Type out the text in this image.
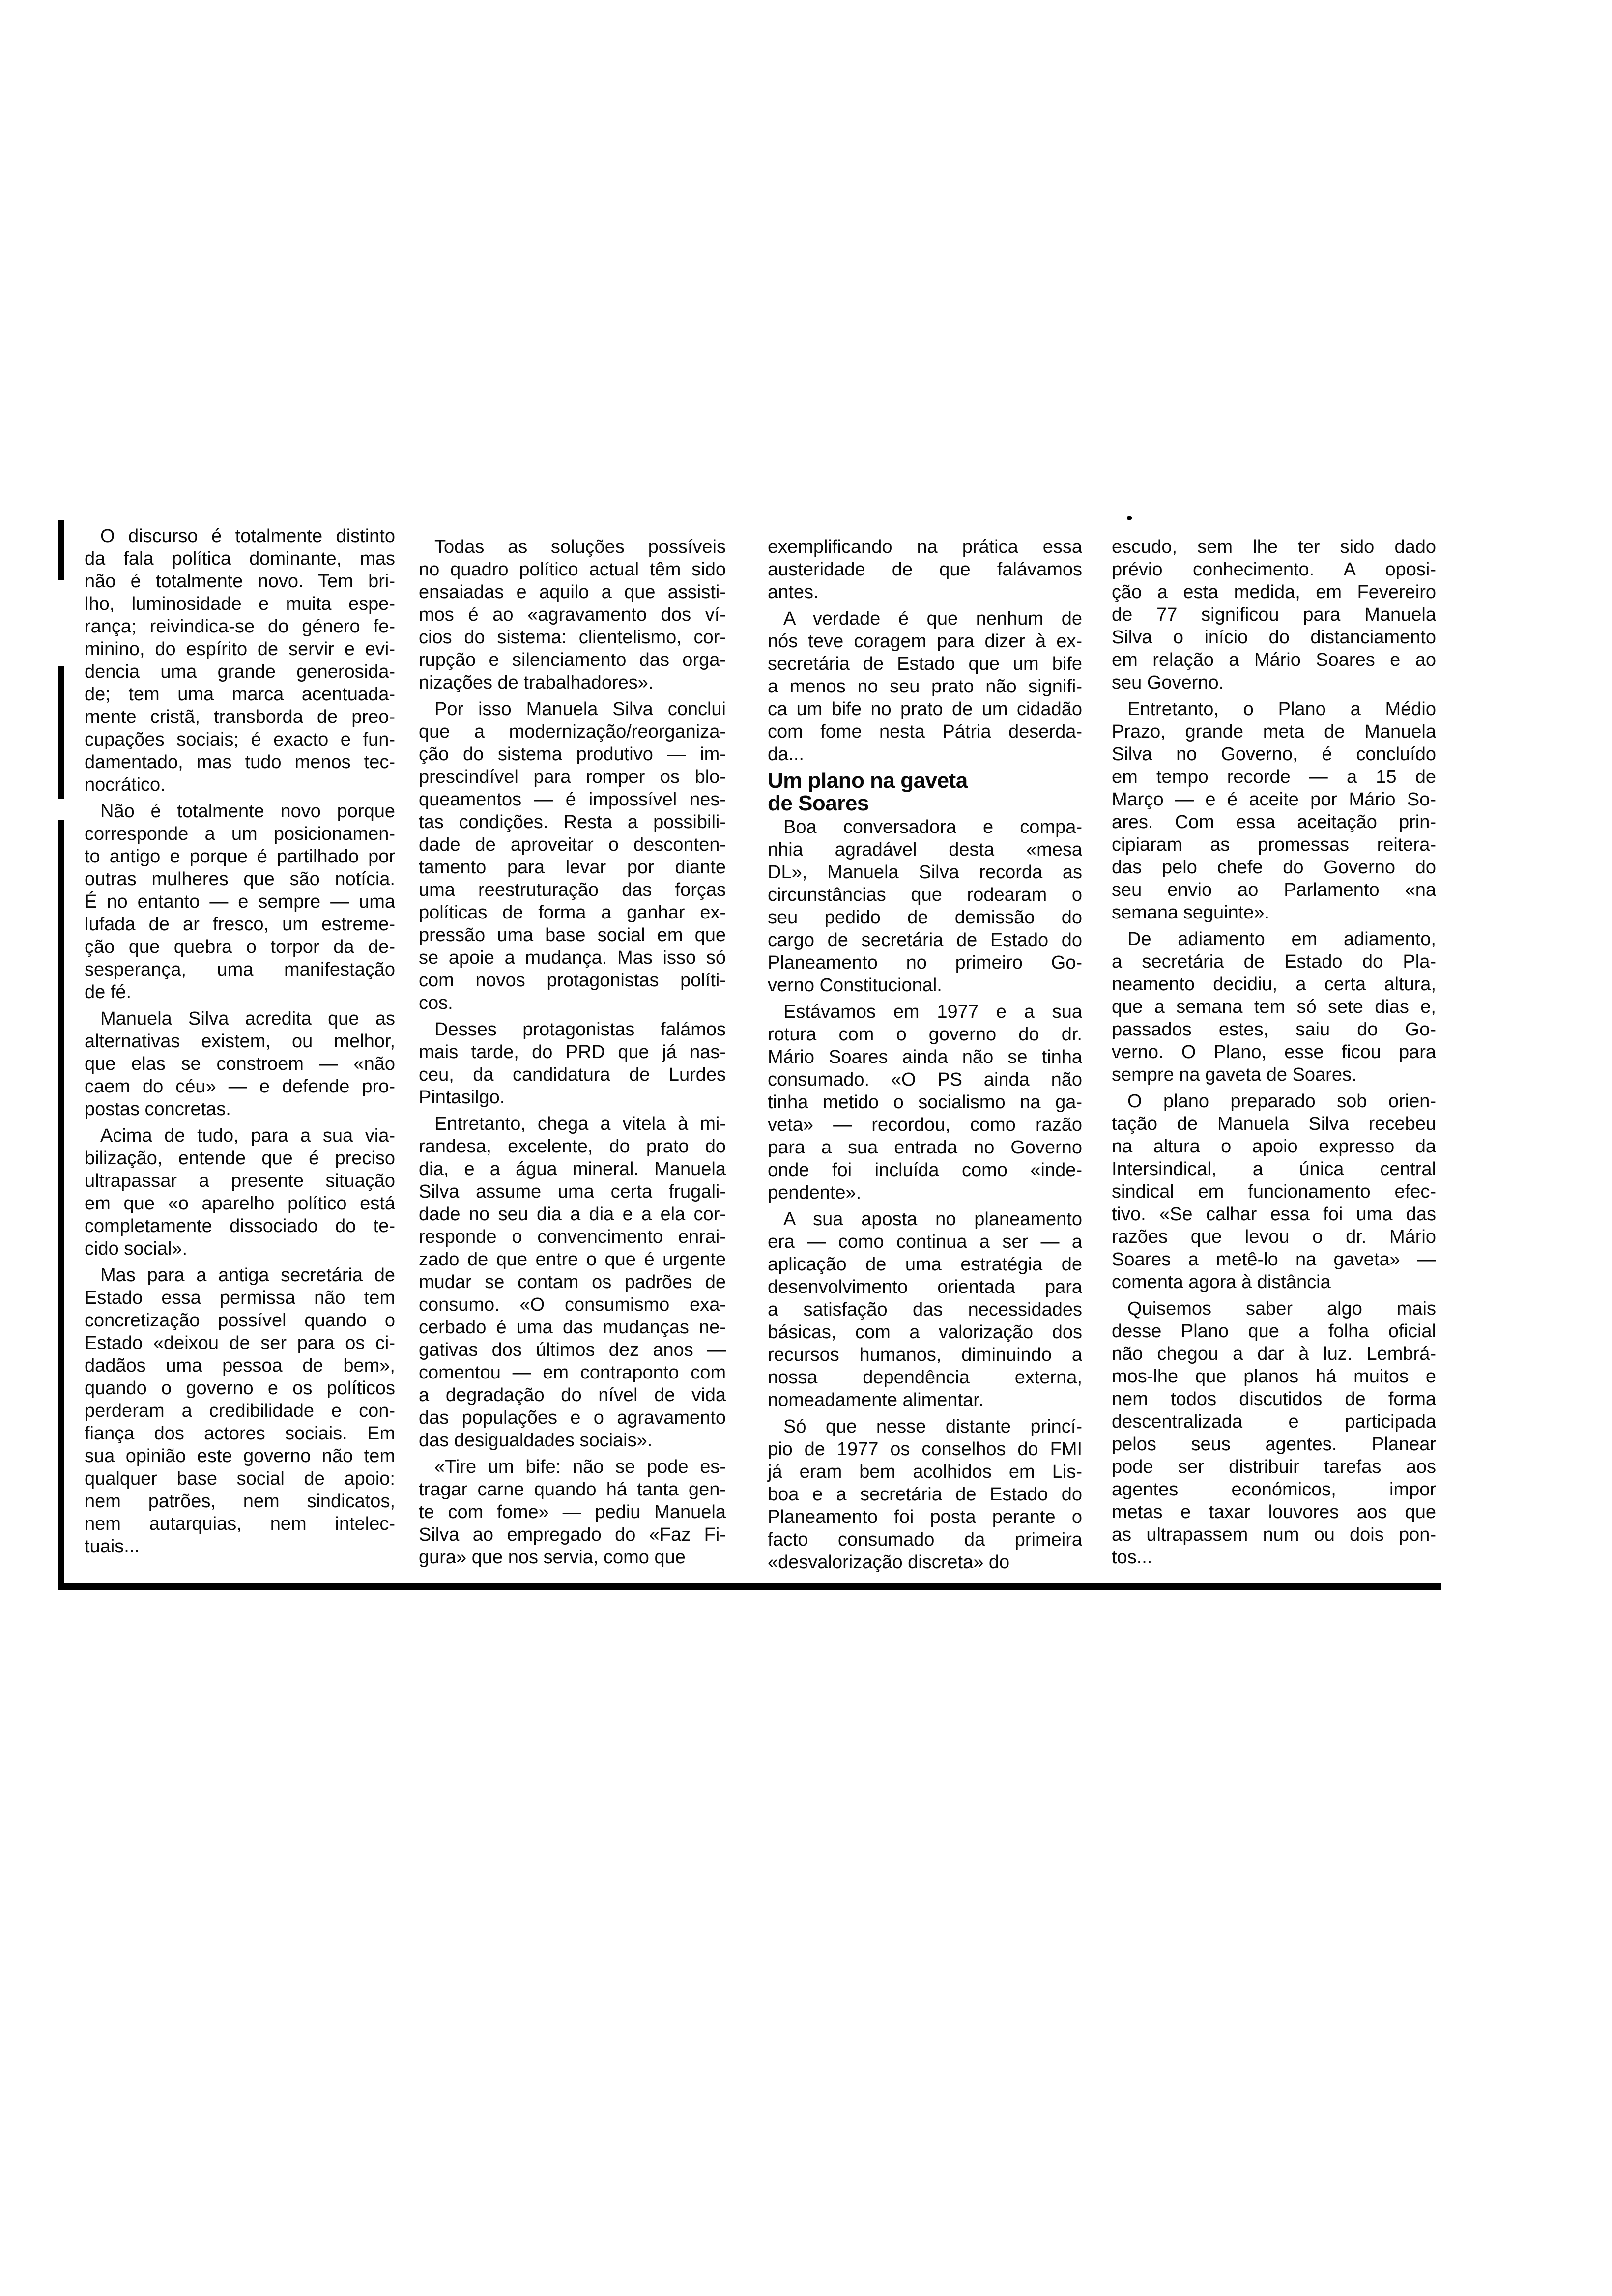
O discurso é totalmente distinto
da fala política dominante, mas
não é totalmente novo. Tem bri-
lho, luminosidade e muita espe-
rança; reivindica-se do género fe-
minino, do espírito de servir e evi-
dencia uma grande generosida-
de; tem uma marca acentuada-
mente cristã, transborda de preo-
cupações sociais; é exacto e fun-
damentado, mas tudo menos tec-
nocrático.
Não é totalmente novo porque
corresponde a um posicionamen-
to antigo e porque é partilhado por
outras mulheres que são notícia.
É no entanto — e sempre — uma
lufada de ar fresco, um estreme-
ção que quebra o torpor da de-
sesperança, uma manifestação
de fé.
Manuela Silva acredita que as
alternativas existem, ou melhor,
que elas se constroem — «não
caem do céu» — e defende pro-
postas concretas.
Acima de tudo, para a sua via-
bilização, entende que é preciso
ultrapassar a presente situação
em que «o aparelho político está
completamente dissociado do te-
cido social».
Mas para a antiga secretária de
Estado essa permissa não tem
concretização possível quando o
Estado «deixou de ser para os ci-
dadãos uma pessoa de bem»,
quando o governo e os políticos
perderam a credibilidade e con-
fiança dos actores sociais. Em
sua opinião este governo não tem
qualquer base social de apoio:
nem patrões, nem sindicatos,
nem autarquias, nem intelec-
tuais...
Todas as soluções possíveis
no quadro político actual têm sido
ensaiadas e aquilo a que assisti-
mos é ao «agravamento dos ví-
cios do sistema: clientelismo, cor-
rupção e silenciamento das orga-
nizações de trabalhadores».
Por isso Manuela Silva conclui
que a modernização/reorganiza-
ção do sistema produtivo — im-
prescindível para romper os blo-
queamentos — é impossível nes-
tas condições. Resta a possibili-
dade de aproveitar o desconten-
tamento para levar por diante
uma reestruturação das forças
políticas de forma a ganhar ex-
pressão uma base social em que
se apoie a mudança. Mas isso só
com novos protagonistas políti-
cos.
Desses protagonistas falámos
mais tarde, do PRD que já nas-
ceu, da candidatura de Lurdes
Pintasilgo.
Entretanto, chega a vitela à mi-
randesa, excelente, do prato do
dia, e a água mineral. Manuela
Silva assume uma certa frugali-
dade no seu dia a dia e a ela cor-
responde o convencimento enrai-
zado de que entre o que é urgente
mudar se contam os padrões de
consumo. «O consumismo exa-
cerbado é uma das mudanças ne-
gativas dos últimos dez anos —
comentou — em contraponto com
a degradação do nível de vida
das populações e o agravamento
das desigualdades sociais».
«Tire um bife: não se pode es-
tragar carne quando há tanta gen-
te com fome» — pediu Manuela
Silva ao empregado do «Faz Fi-
gura» que nos servia, como que
exemplificando na prática essa
austeridade de que falávamos
antes.
A verdade é que nenhum de
nós teve coragem para dizer à ex-
secretária de Estado que um bife
a menos no seu prato não signifi-
ca um bife no prato de um cidadão
com fome nesta Pátria deserda-
da...
Um plano na gaveta
de Soares
Boa conversadora e compa-
nhia agradável desta «mesa
DL», Manuela Silva recorda as
circunstâncias que rodearam o
seu pedido de demissão do
cargo de secretária de Estado do
Planeamento no primeiro Go-
verno Constitucional.
Estávamos em 1977 e a sua
rotura com o governo do dr.
Mário Soares ainda não se tinha
consumado. «O PS ainda não
tinha metido o socialismo na ga-
veta» — recordou, como razão
para a sua entrada no Governo
onde foi incluída como «inde-
pendente».
A sua aposta no planeamento
era — como continua a ser — a
aplicação de uma estratégia de
desenvolvimento orientada para
a satisfação das necessidades
básicas, com a valorização dos
recursos humanos, diminuindo a
nossa dependência externa,
nomeadamente alimentar.
Só que nesse distante princí-
pio de 1977 os conselhos do FMI
já eram bem acolhidos em Lis-
boa e a secretária de Estado do
Planeamento foi posta perante o
facto consumado da primeira
«desvalorização discreta» do
escudo, sem lhe ter sido dado
prévio conhecimento. A oposi-
ção a esta medida, em Fevereiro
de 77 significou para Manuela
Silva o início do distanciamento
em relação a Mário Soares e ao
seu Governo.
Entretanto, o Plano a Médio
Prazo, grande meta de Manuela
Silva no Governo, é concluído
em tempo recorde — a 15 de
Março — e é aceite por Mário So-
ares. Com essa aceitação prin-
cipiaram as promessas reitera-
das pelo chefe do Governo do
seu envio ao Parlamento «na
semana seguinte».
De adiamento em adiamento,
a secretária de Estado do Pla-
neamento decidiu, a certa altura,
que a semana tem só sete dias e,
passados estes, saiu do Go-
verno. O Plano, esse ficou para
sempre na gaveta de Soares.
O plano preparado sob orien-
tação de Manuela Silva recebeu
na altura o apoio expresso da
Intersindical, a única central
sindical em funcionamento efec-
tivo. «Se calhar essa foi uma das
razões que levou o dr. Mário
Soares a metê-lo na gaveta» —
comenta agora à distância
Quisemos saber algo mais
desse Plano que a folha oficial
não chegou a dar à luz. Lembrá-
mos-lhe que planos há muitos e
nem todos discutidos de forma
descentralizada e participada
pelos seus agentes. Planear
pode ser distribuir tarefas aos
agentes económicos, impor
metas e taxar louvores aos que
as ultrapassem num ou dois pon-
tos...
